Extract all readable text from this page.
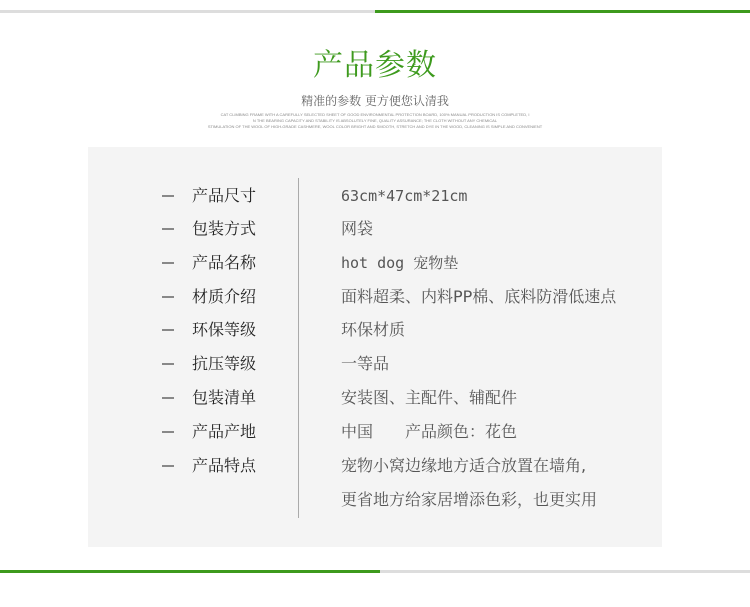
产品参数
精准的参数 更方便您认清我
CAT CLIMBING FRAME WITH A CAREFULLY SELECTED SHEET OF GOOD ENVIRONMENTAL PROTECTION BOARD, 100% MANUAL PRODUCTION IS COMPLETED, I
N THE BEARING CAPACITY AND STABILITY IS ABSOLUTELY FINE, QUALITY ASSURANCE; THE CLOTH WITHOUT ANY CHEMICAL
STIMULATION OF THE WOOL OF HIGH-GRADE CASHMERE, WOOL COLOR BRIGHT AND SMOOTH, STRETCH AND DYE IN THE WOOD, CLEANING IS SIMPLE AND CONVENIENT
产品尺寸	63cm*47cm*21cm
包装方式	网袋
产品名称	hot dog 宠物垫
材质介绍	面料超柔、内料PP棉、底料防滑低速点
环保等级	环保材质
抗压等级	一等品
包装清单	安装图、主配件、辅配件
产品产地	中国　　产品颜色：花色
产品特点	宠物小窝边缘地方适合放置在墙角,
更省地方给家居增添色彩，也更实用
